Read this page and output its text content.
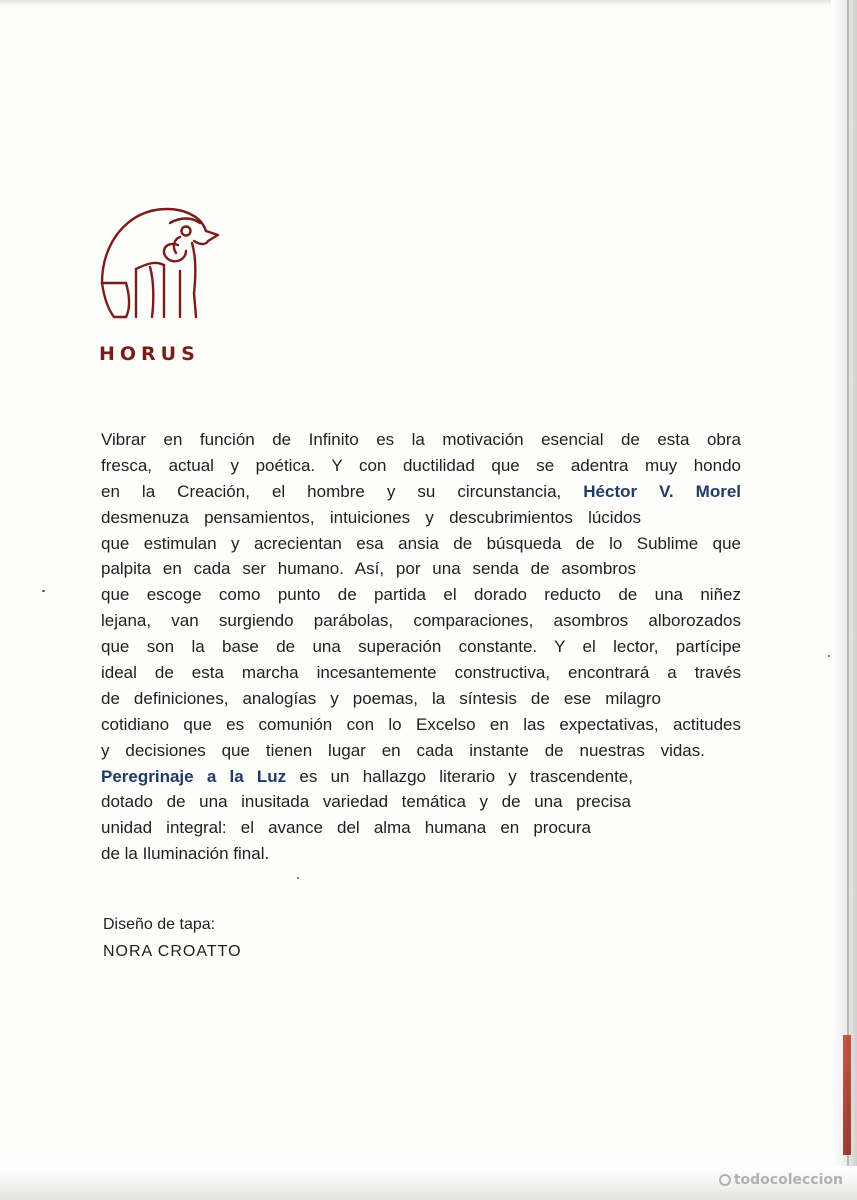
HORUS
Vibrar en función de Infinito es la motivación esencial de esta obra
fresca, actual y poética. Y con ductilidad que se adentra muy hondo
en la Creación, el hombre y su circunstancia, Héctor V. Morel
desmenuza pensamientos, intuiciones y descubrimientos lúcidos
que estimulan y acrecientan esa ansia de búsqueda de lo Sublime que
palpita en cada ser humano. Así, por una senda de asombros
que escoge como punto de partida el dorado reducto de una niñez
lejana, van surgiendo parábolas, comparaciones, asombros alborozados
que son la base de una superación constante. Y el lector, partícipe
ideal de esta marcha incesantemente constructiva, encontrará a través
de definiciones, analogías y poemas, la síntesis de ese milagro
cotidiano que es comunión con lo Excelso en las expectativas, actitudes
y decisiones que tienen lugar en cada instante de nuestras vidas.
Peregrinaje a la Luz es un hallazgo literario y trascendente,
dotado de una inusitada variedad temática y de una precisa
unidad integral: el avance del alma humana en procura
de la Iluminación final.
Diseño de tapa:
NORA CROATTO
todocoleccion
